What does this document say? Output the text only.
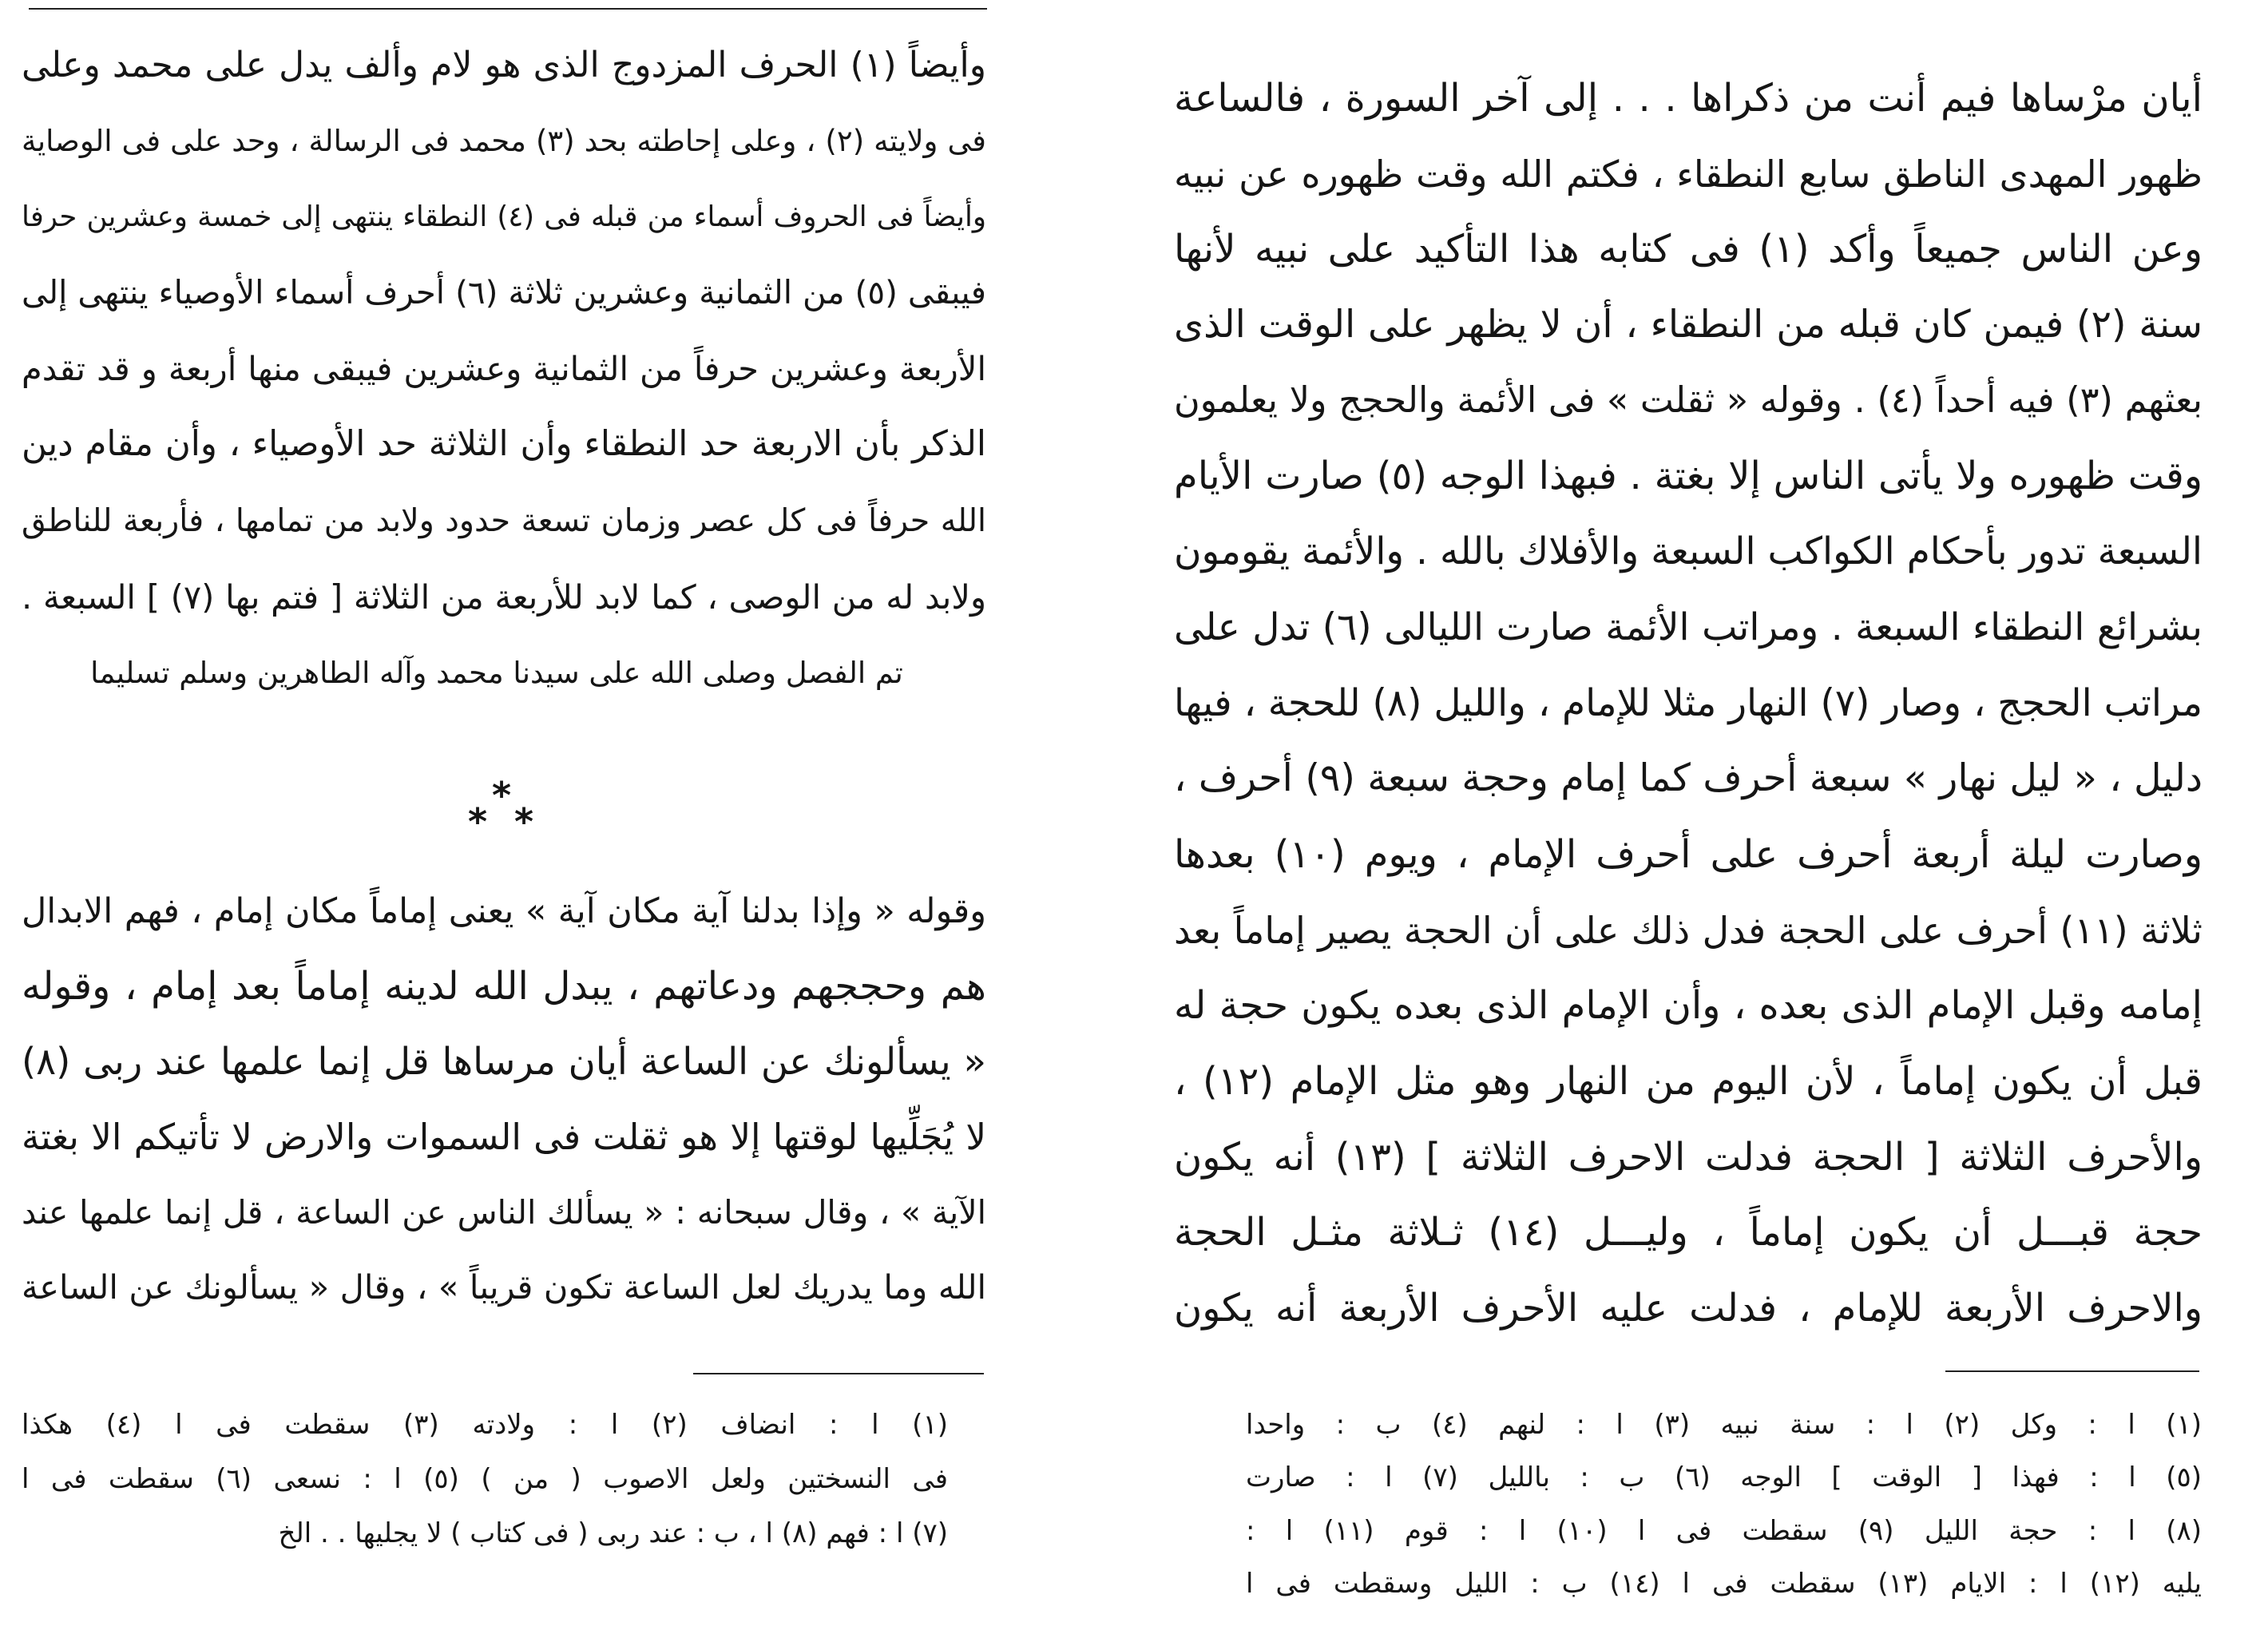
وأيضاً (١) الحرف المزدوج الذى هو لام وألف يدل على محمد وعلى
فى ولايته (٢) ، وعلى إحاطته بحد (٣) محمد فى الرسالة ، وحد على فى الوصاية
وأيضاً فى الحروف أسماء من قبله فى (٤) النطقاء ينتهى إلى خمسة وعشرين حرفا
فيبقى (٥) من الثمانية وعشرين ثلاثة (٦) أحرف أسماء الأوصياء ينتهى إلى
الأربعة وعشرين حرفاً من الثمانية وعشرين فيبقى منها أربعة و قد تقدم
الذكر بأن الاربعة حد النطقاء وأن الثلاثة حد الأوصياء ، وأن مقام دين
الله حرفاً فى كل عصر وزمان تسعة حدود ولابد من تمامها ، فأربعة للناطق
ولابد له من الوصى ، كما لابد للأربعة من الثلاثة [ فتم بها (٧) ] السبعة .
تم الفصل وصلى الله على سيدنا محمد وآله الطاهرين وسلم تسليما
*
* *
وقوله « وإذا بدلنا آية مكان آية » يعنى إماماً مكان إمام ، فهم الابدال
هم وحججهم ودعاتهم ، يبدل الله لدينه إماماً بعد إمام ، وقوله
« يسألونك عن الساعة أيان مرساها قل إنما علمها عند ربى (٨)
لا يُجَلِّيها لوقتها إلا هو ثقلت فى السموات والارض لا تأتيكم الا بغتة
الآية » ، وقال سبحانه : « يسألك الناس عن الساعة ، قل إنما علمها عند
الله وما يدريك لعل الساعة تكون قريباً » ، وقال « يسألونك عن الساعة
(١) ا : انضاف (٢) ا : ولادته (٣) سقطت فى ا (٤) هكذا
فى النسختين ولعل الاصوب ( من ) (٥) ا : نسعى (٦) سقطت فى ا
(٧) ا : فهم (٨) ا ، ب : عند ربى ( فى كتاب ) لا يجليها . . الخ
أيان مرْساها فيم أنت من ذكراها . . . إلى آخر السورة ، فالساعة
ظهور المهدى الناطق سابع النطقاء ، فكتم الله وقت ظهوره عن نبيه
وعن الناس جميعاً وأكد (١) فى كتابه هذا التأكيد على نبيه لأنها
سنة (٢) فيمن كان قبله من النطقاء ، أن لا يظهر على الوقت الذى
بعثهم (٣) فيه أحداً (٤) . وقوله « ثقلت » فى الأئمة والحجج ولا يعلمون
وقت ظهوره ولا يأتى الناس إلا بغتة . فبهذا الوجه (٥) صارت الأيام
السبعة تدور بأحكام الكواكب السبعة والأفلاك بالله . والأئمة يقومون
بشرائع النطقاء السبعة . ومراتب الأئمة صارت الليالى (٦) تدل على
مراتب الحجج ، وصار (٧) النهار مثلا للإمام ، والليل (٨) للحجة ، فيها
دليل ، « ليل نهار » سبعة أحرف كما إمام وحجة سبعة (٩) أحرف ،
وصارت ليلة أربعة أحرف على أحرف الإمام ، ويوم (١٠) بعدها
ثلاثة (١١) أحرف على الحجة فدل ذلك على أن الحجة يصير إماماً بعد
إمامه وقبل الإمام الذى بعده ، وأن الإمام الذى بعده يكون حجة له
قبل أن يكون إماماً ، لأن اليوم من النهار وهو مثل الإمام (١٢) ،
والأحرف الثلاثة [ الحجة فدلت الاحرف الثلاثة ] (١٣) أنه يكون
حجة قبـــل أن يكون إماماً ، وليـــل (١٤) ثـلاثة مثـل الحجة
والاحرف الأربعة للإمام ، فدلت عليه الأحرف الأربعة أنه يكون
(١) ا : وكل (٢) ا : سنة نبيه (٣) ا : لنهم (٤) ب : واحدا
(٥) ا : فهذا [ الوقت ] الوجه (٦) ب : بالليل (٧) ا : صارت
(٨) ا : حجة الليل (٩) سقطت فى ا (١٠) ا : قوم (١١) ا :
يليه (١٢) ا : الايام (١٣) سقطت فى ا (١٤) ب : الليل وسقطت فى ا
